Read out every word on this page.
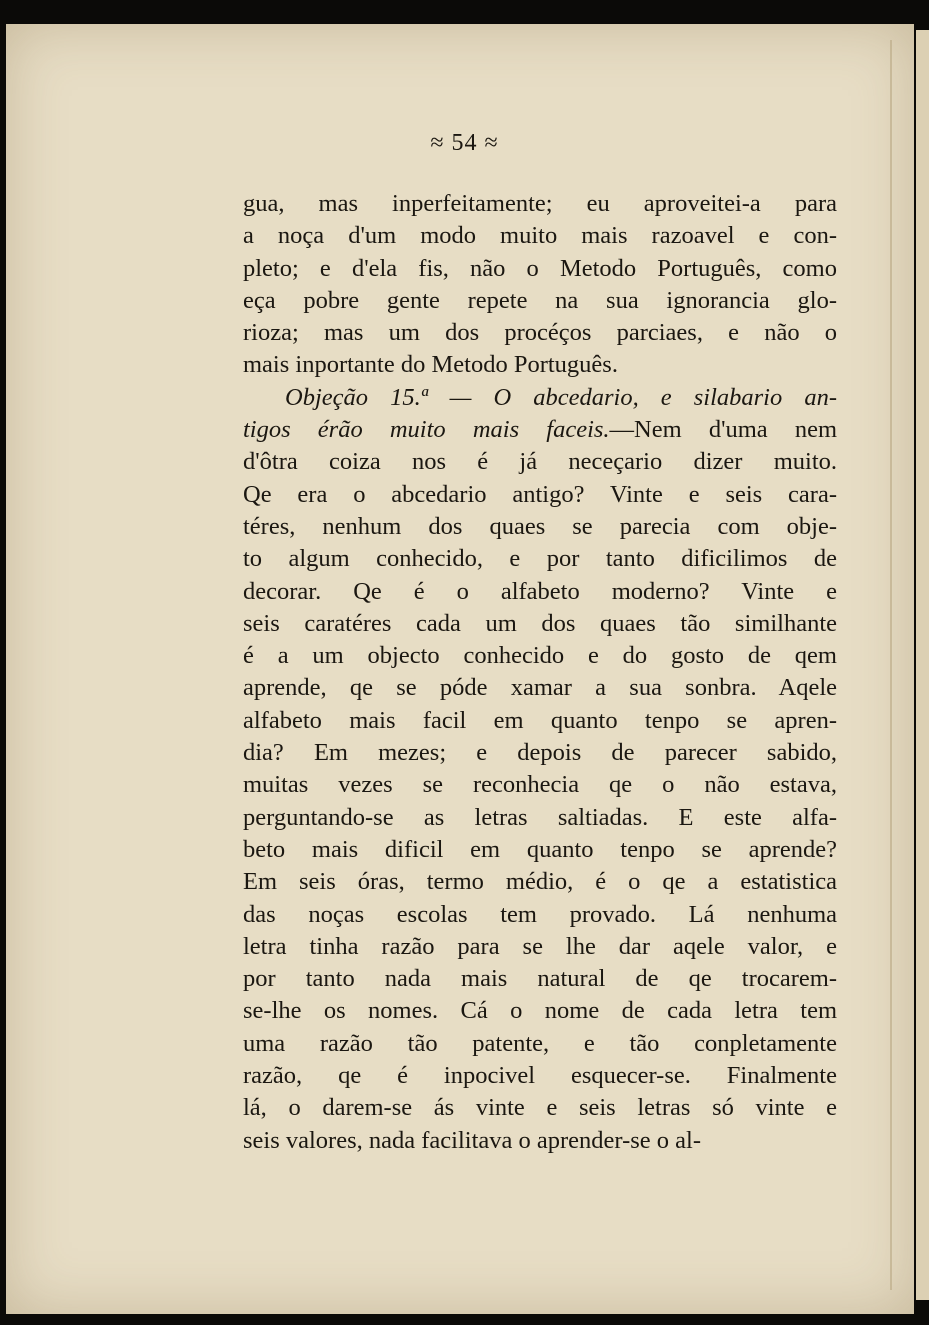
≈ 54 ≈
gua, mas inperfeitamente; eu aproveitei-a para
a noça d'um modo muito mais razoavel e con-
pleto; e d'ela fis, não o Metodo Português, como
eça pobre gente repete na sua ignorancia glo-
rioza; mas um dos procéços parciaes, e não o
mais inportante do Metodo Português.
Objeção 15.ª — O abcedario, e silabario an-
tigos érão muito mais faceis.—Nem d'uma nem
d'ôtra coiza nos é já neceçario dizer muito.
Qe era o abcedario antigo? Vinte e seis cara-
téres, nenhum dos quaes se parecia com obje-
to algum conhecido, e por tanto dificilimos de
decorar. Qe é o alfabeto moderno? Vinte e
seis caratéres cada um dos quaes tão similhante
é a um objecto conhecido e do gosto de qem
aprende, qe se póde xamar a sua sonbra. Aqele
alfabeto mais facil em quanto tenpo se apren-
dia? Em mezes; e depois de parecer sabido,
muitas vezes se reconhecia qe o não estava,
perguntando-se as letras saltiadas. E este alfa-
beto mais dificil em quanto tenpo se aprende?
Em seis óras, termo médio, é o qe a estatistica
das noças escolas tem provado. Lá nenhuma
letra tinha razão para se lhe dar aqele valor, e
por tanto nada mais natural de qe trocarem-
se-lhe os nomes. Cá o nome de cada letra tem
uma razão tão patente, e tão conpletamente
razão, qe é inpocivel esquecer-se. Finalmente
lá, o darem-se ás vinte e seis letras só vinte e
seis valores, nada facilitava o aprender-se o al-
